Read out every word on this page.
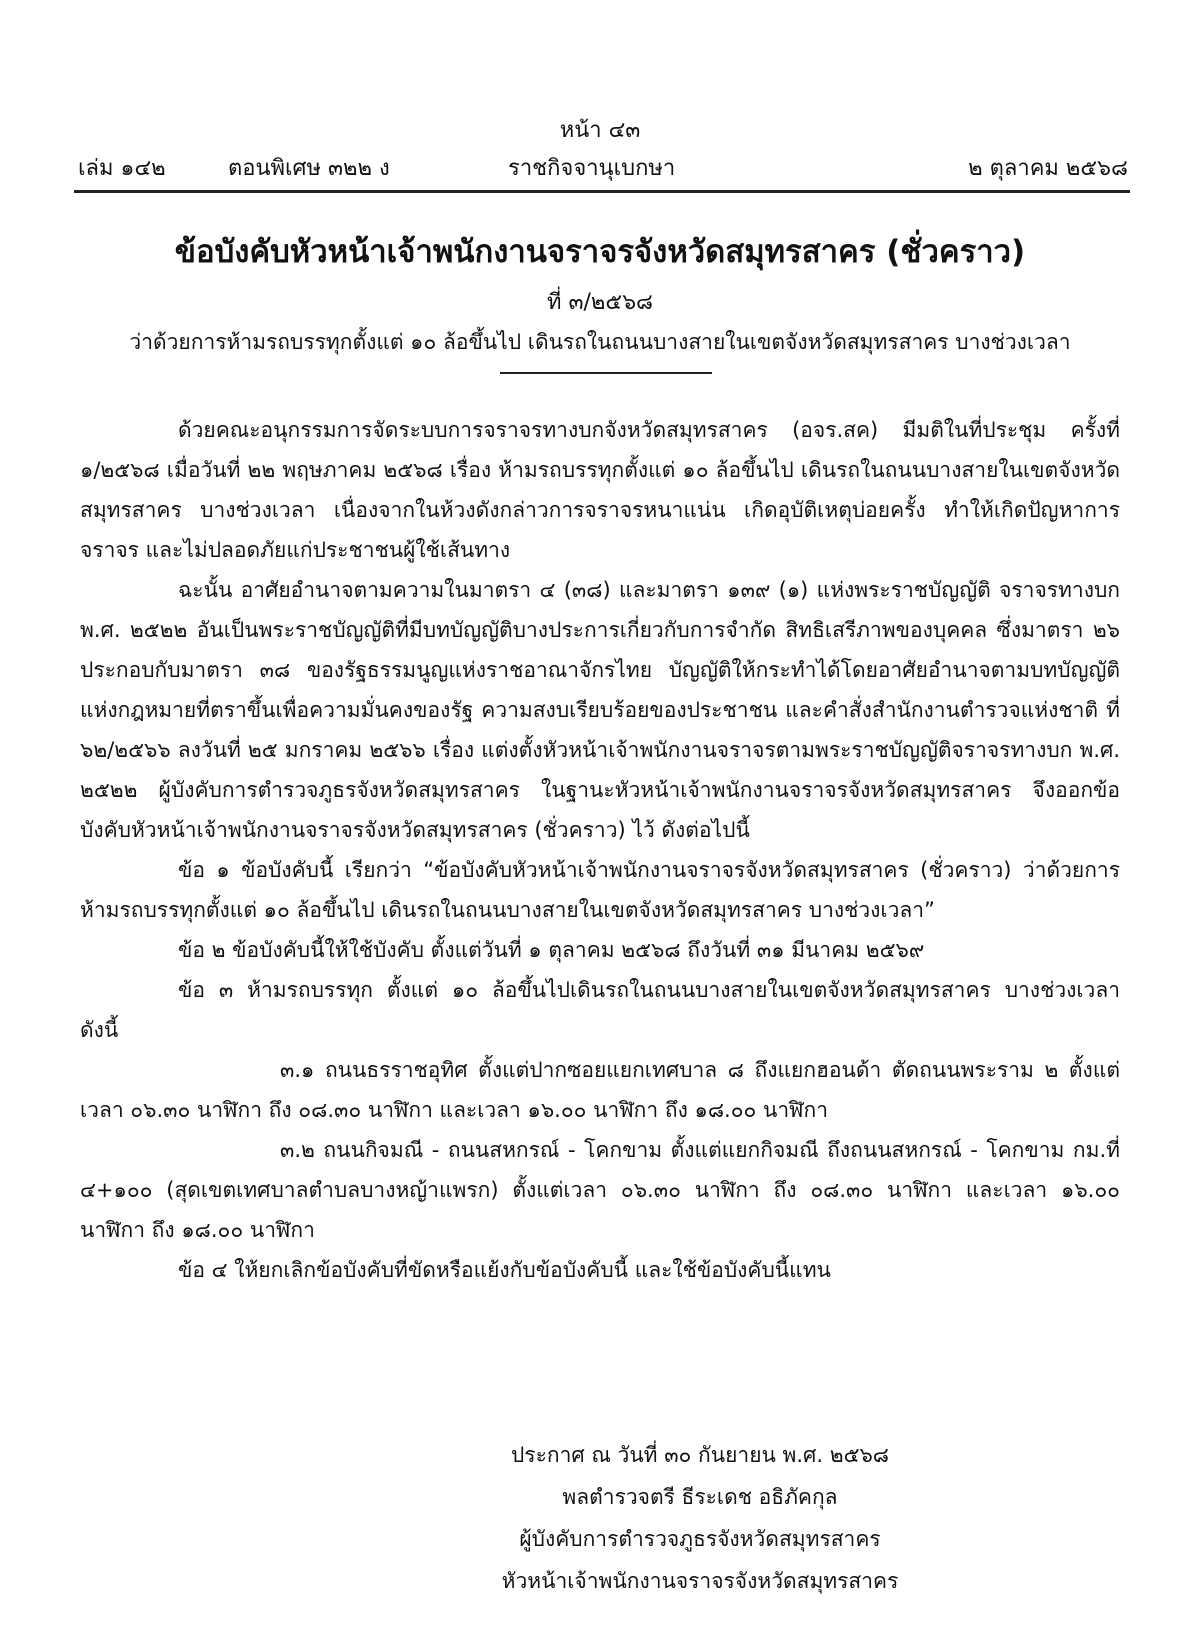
หน้า ๔๓
เล่ม ๑๔๒	ตอนพิเศษ ๓๒๒ ง	ราชกิจจานุเบกษา	๒ ตุลาคม ๒๕๖๘
ข้อบังคับหัวหน้าเจ้าพนักงานจราจรจังหวัดสมุทรสาคร (ชั่วคราว)
ที่ ๓/๒๕๖๘
ว่าด้วยการห้ามรถบรรทุกตั้งแต่ ๑๐ ล้อขึ้นไป เดินรถในถนนบางสายในเขตจังหวัดสมุทรสาคร บางช่วงเวลา

ด้วยคณะอนุกรรมการจัดระบบการจราจรทางบกจังหวัดสมุทรสาคร (อจร.สค) มีมติในที่ประชุม ครั้งที่ ๑/๒๕๖๘ เมื่อวันที่ ๒๒ พฤษภาคม ๒๕๖๘ เรื่อง ห้ามรถบรรทุกตั้งแต่ ๑๐ ล้อขึ้นไป เดินรถในถนนบางสายในเขตจังหวัดสมุทรสาคร บางช่วงเวลา เนื่องจากในห้วงดังกล่าวการจราจรหนาแน่น เกิดอุบัติเหตุบ่อยครั้ง ทำให้เกิดปัญหาการจราจร และไม่ปลอดภัยแก่ประชาชนผู้ใช้เส้นทาง

ฉะนั้น อาศัยอำนาจตามความในมาตรา ๔ (๓๘) และมาตรา ๑๓๙ (๑) แห่งพระราชบัญญัติ จราจรทางบก พ.ศ. ๒๕๒๒ อันเป็นพระราชบัญญัติที่มีบทบัญญัติบางประการเกี่ยวกับการจำกัด สิทธิเสรีภาพของบุคคล ซึ่งมาตรา ๒๖ ประกอบกับมาตรา ๓๘ ของรัฐธรรมนูญแห่งราชอาณาจักรไทย บัญญัติให้กระทำได้โดยอาศัยอำนาจตามบทบัญญัติแห่งกฎหมายที่ตราขึ้นเพื่อความมั่นคงของรัฐ ความสงบเรียบร้อยของประชาชน และคำสั่งสำนักงานตำรวจแห่งชาติ ที่ ๖๒/๒๕๖๖ ลงวันที่ ๒๕ มกราคม ๒๕๖๖ เรื่อง แต่งตั้งหัวหน้าเจ้าพนักงานจราจรตามพระราชบัญญัติจราจรทางบก พ.ศ. ๒๕๒๒ ผู้บังคับการตำรวจภูธรจังหวัดสมุทรสาคร ในฐานะหัวหน้าเจ้าพนักงานจราจรจังหวัดสมุทรสาคร จึงออกข้อบังคับหัวหน้าเจ้าพนักงานจราจรจังหวัดสมุทรสาคร (ชั่วคราว) ไว้ ดังต่อไปนี้

ข้อ ๑ ข้อบังคับนี้ เรียกว่า “ข้อบังคับหัวหน้าเจ้าพนักงานจราจรจังหวัดสมุทรสาคร (ชั่วคราว) ว่าด้วยการห้ามรถบรรทุกตั้งแต่ ๑๐ ล้อขึ้นไป เดินรถในถนนบางสายในเขตจังหวัดสมุทรสาคร บางช่วงเวลา”

ข้อ ๒ ข้อบังคับนี้ให้ใช้บังคับ ตั้งแต่วันที่ ๑ ตุลาคม ๒๕๖๘ ถึงวันที่ ๓๑ มีนาคม ๒๕๖๙

ข้อ ๓ ห้ามรถบรรทุก ตั้งแต่ ๑๐ ล้อขึ้นไปเดินรถในถนนบางสายในเขตจังหวัดสมุทรสาคร บางช่วงเวลา ดังนี้

๓.๑ ถนนธรราชอุทิศ ตั้งแต่ปากซอยแยกเทศบาล ๘ ถึงแยกฮอนด้า ตัดถนนพระราม ๒ ตั้งแต่เวลา ๐๖.๓๐ นาฬิกา ถึง ๐๘.๓๐ นาฬิกา และเวลา ๑๖.๐๐ นาฬิกา ถึง ๑๘.๐๐ นาฬิกา

๓.๒ ถนนกิจมณี - ถนนสหกรณ์ - โคกขาม ตั้งแต่แยกกิจมณี ถึงถนนสหกรณ์ - โคกขาม กม.ที่ ๔+๑๐๐ (สุดเขตเทศบาลตำบลบางหญ้าแพรก) ตั้งแต่เวลา ๐๖.๓๐ นาฬิกา ถึง ๐๘.๓๐ นาฬิกา และเวลา ๑๖.๐๐ นาฬิกา ถึง ๑๘.๐๐ นาฬิกา

ข้อ ๔ ให้ยกเลิกข้อบังคับที่ขัดหรือแย้งกับข้อบังคับนี้ และใช้ข้อบังคับนี้แทน

ประกาศ ณ วันที่ ๓๐ กันยายน พ.ศ. ๒๕๖๘
พลตำรวจตรี ธีระเดช อธิภัคกุล
ผู้บังคับการตำรวจภูธรจังหวัดสมุทรสาคร
หัวหน้าเจ้าพนักงานจราจรจังหวัดสมุทรสาคร
